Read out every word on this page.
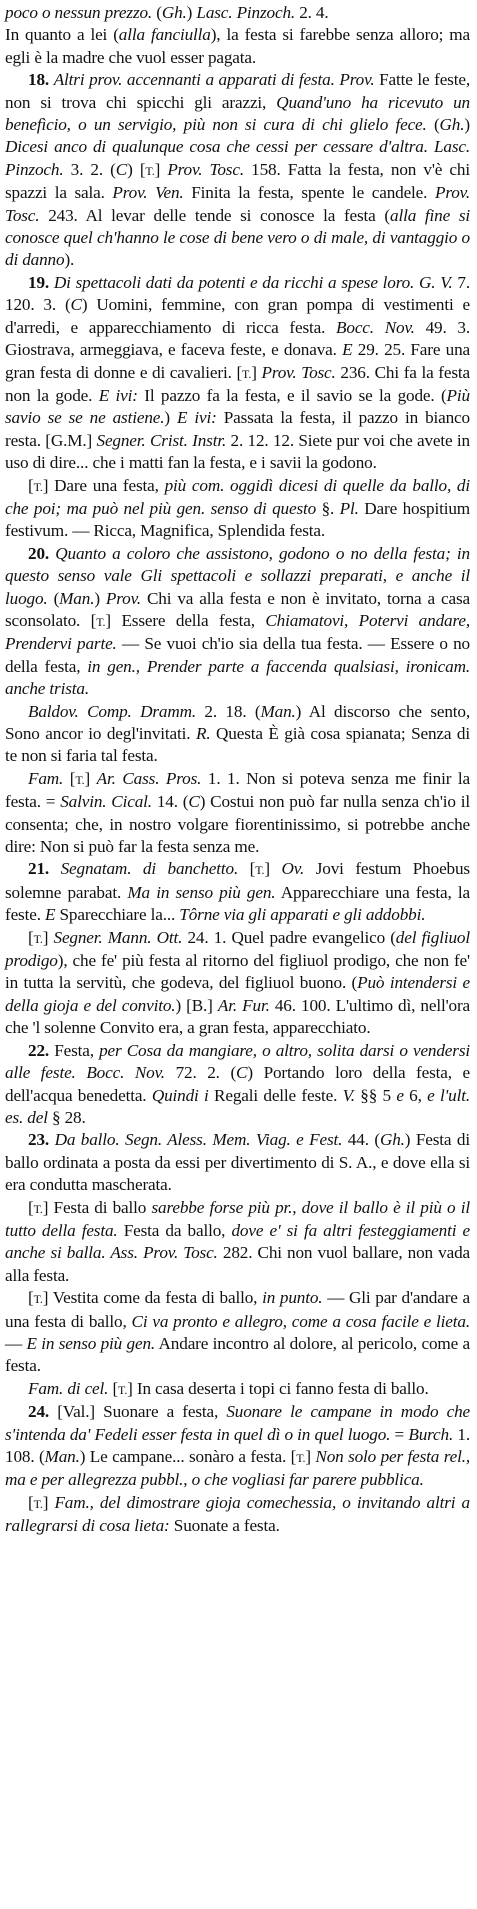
poco o nessun prezzo. (Gh.) Lasc. Pinzoch. 2. 4.

In quanto a lei (alla fanciulla), la festa si farebbe senza alloro; ma egli è la madre che vuol esser pagata.

18. Altri prov. accennanti a apparati di festa. Prov. Fatte le feste, non si trova chi spicchi gli arazzi, Quand'uno ha ricevuto un benefìcio, o un servigio, più non si cura di chi glielo fece. (Gh.) Dicesi anco di qualunque cosa che cessi per cessare d'altra. Lasc. Pinzoch. 3. 2. (C) [T.] Prov. Tosc. 158. Fatta la festa, non v'è chi spazzi la sala. Prov. Ven. Finita la festa, spente le candele. Prov. Tosc. 243. Al levar delle tende si conosce la festa (alla fine si conosce quel ch'hanno le cose di bene vero o di male, di vantaggio o di danno).

19. Di spettacoli dati da potenti e da ricchi a spese loro. G. V. 7. 120. 3. (C) Uomini, femmine, con gran pompa di vestimenti e d'arredi, e apparecchiamento di ricca festa. Bocc. Nov. 49. 3. Giostrava, armeggiava, e faceva feste, e donava. E 29. 25. Fare una gran festa di donne e di cavalieri. [T.] Prov. Tosc. 236. Chi fa la festa non la gode. E ivi: Il pazzo fa la festa, e il savio se la gode. (Più savio se se ne astiene.) E ivi: Passata la festa, il pazzo in bianco resta. [G.M.] Segner. Crist. Instr. 2. 12. 12. Siete pur voi che avete in uso di dire... che i matti fan la festa, e i savii la godono.

[T.] Dare una festa, più com. oggidì dicesi di quelle da ballo, di che poi; ma può nel più gen. senso di questo §. Pl. Dare hospitium festivum. — Ricca, Magnifica, Splendida festa.

20. Quanto a coloro che assistono, godono o no della festa; in questo senso vale Gli spettacoli e sollazzi preparati, e anche il luogo. (Man.) Prov. Chi va alla festa e non è invitato, torna a casa sconsolato. [T.] Essere della festa, Chiamatovi, Potervi andare, Prendervi parte. — Se vuoi ch'io sia della tua festa. — Essere o no della festa, in gen., Prender parte a faccenda qualsiasi, ironicam. anche trista.

Baldov. Comp. Dramm. 2. 18. (Man.) Al discorso che sento, Sono ancor io degl'invitati. R. Questa È già cosa spianata; Senza di te non si faria tal festa.

Fam. [T.] Ar. Cass. Pros. 1. 1. Non si poteva senza me finir la festa. = Salvin. Cical. 14. (C) Costui non può far nulla senza ch'io il consenta; che, in nostro volgare fiorentinissimo, si potrebbe anche dire: Non si può far la festa senza me.

21. Segnatam. di banchetto. [T.] Ov. Jovi festum Phoebus solemne parabat. Ma in senso più gen. Apparecchiare una festa, la feste. E Sparecchiare la... Tôrne via gli apparati e gli addobbi.

[T.] Segner. Mann. Ott. 24. 1. Quel padre evangelico (del figliuol prodigo), che fe' più festa al ritorno del figliuol prodigo, che non fe' in tutta la servitù, che godeva, del figliuol buono. (Può intendersi e della gioja e del convito.) [B.] Ar. Fur. 46. 100. L'ultimo dì, nell'ora che 'l solenne Convito era, a gran festa, apparecchiato.

22. Festa, per Cosa da mangiare, o altro, solita darsi o vendersi alle feste. Bocc. Nov. 72. 2. (C) Portando loro della festa, e dell'acqua benedetta. Quindi i Regali delle feste. V. §§ 5 e 6, e l'ult. es. del § 28.

23. Da ballo. Segn. Aless. Mem. Viag. e Fest. 44. (Gh.) Festa di ballo ordinata a posta da essi per divertimento di S. A., e dove ella si era condutta mascherata.

[T.] Festa di ballo sarebbe forse più pr., dove il ballo è il più o il tutto della festa. Festa da ballo, dove e' si fa altri festeggiamenti e anche si balla. Ass. Prov. Tosc. 282. Chi non vuol ballare, non vada alla festa.

[T.] Vestita come da festa di ballo, in punto. — Gli par d'andare a una festa di ballo, Ci va pronto e allegro, come a cosa facile e lieta. — E in senso più gen. Andare incontro al dolore, al pericolo, come a festa.

Fam. di cel. [T.] In casa deserta i topi ci fanno festa di ballo.

24. [Val.] Suonare a festa, Suonare le campane in modo che s'intenda da' Fedeli esser festa in quel dì o in quel luogo. = Burch. 1. 108. (Man.) Le campane... sonàro a festa. [T.] Non solo per festa rel., ma e per allegrezza pubbl., o che vogliasi far parere pubblica.

[T.] Fam., del dimostrare gioja comechessia, o invitando altri a rallegrarsi di cosa lieta: Suonate a festa.
